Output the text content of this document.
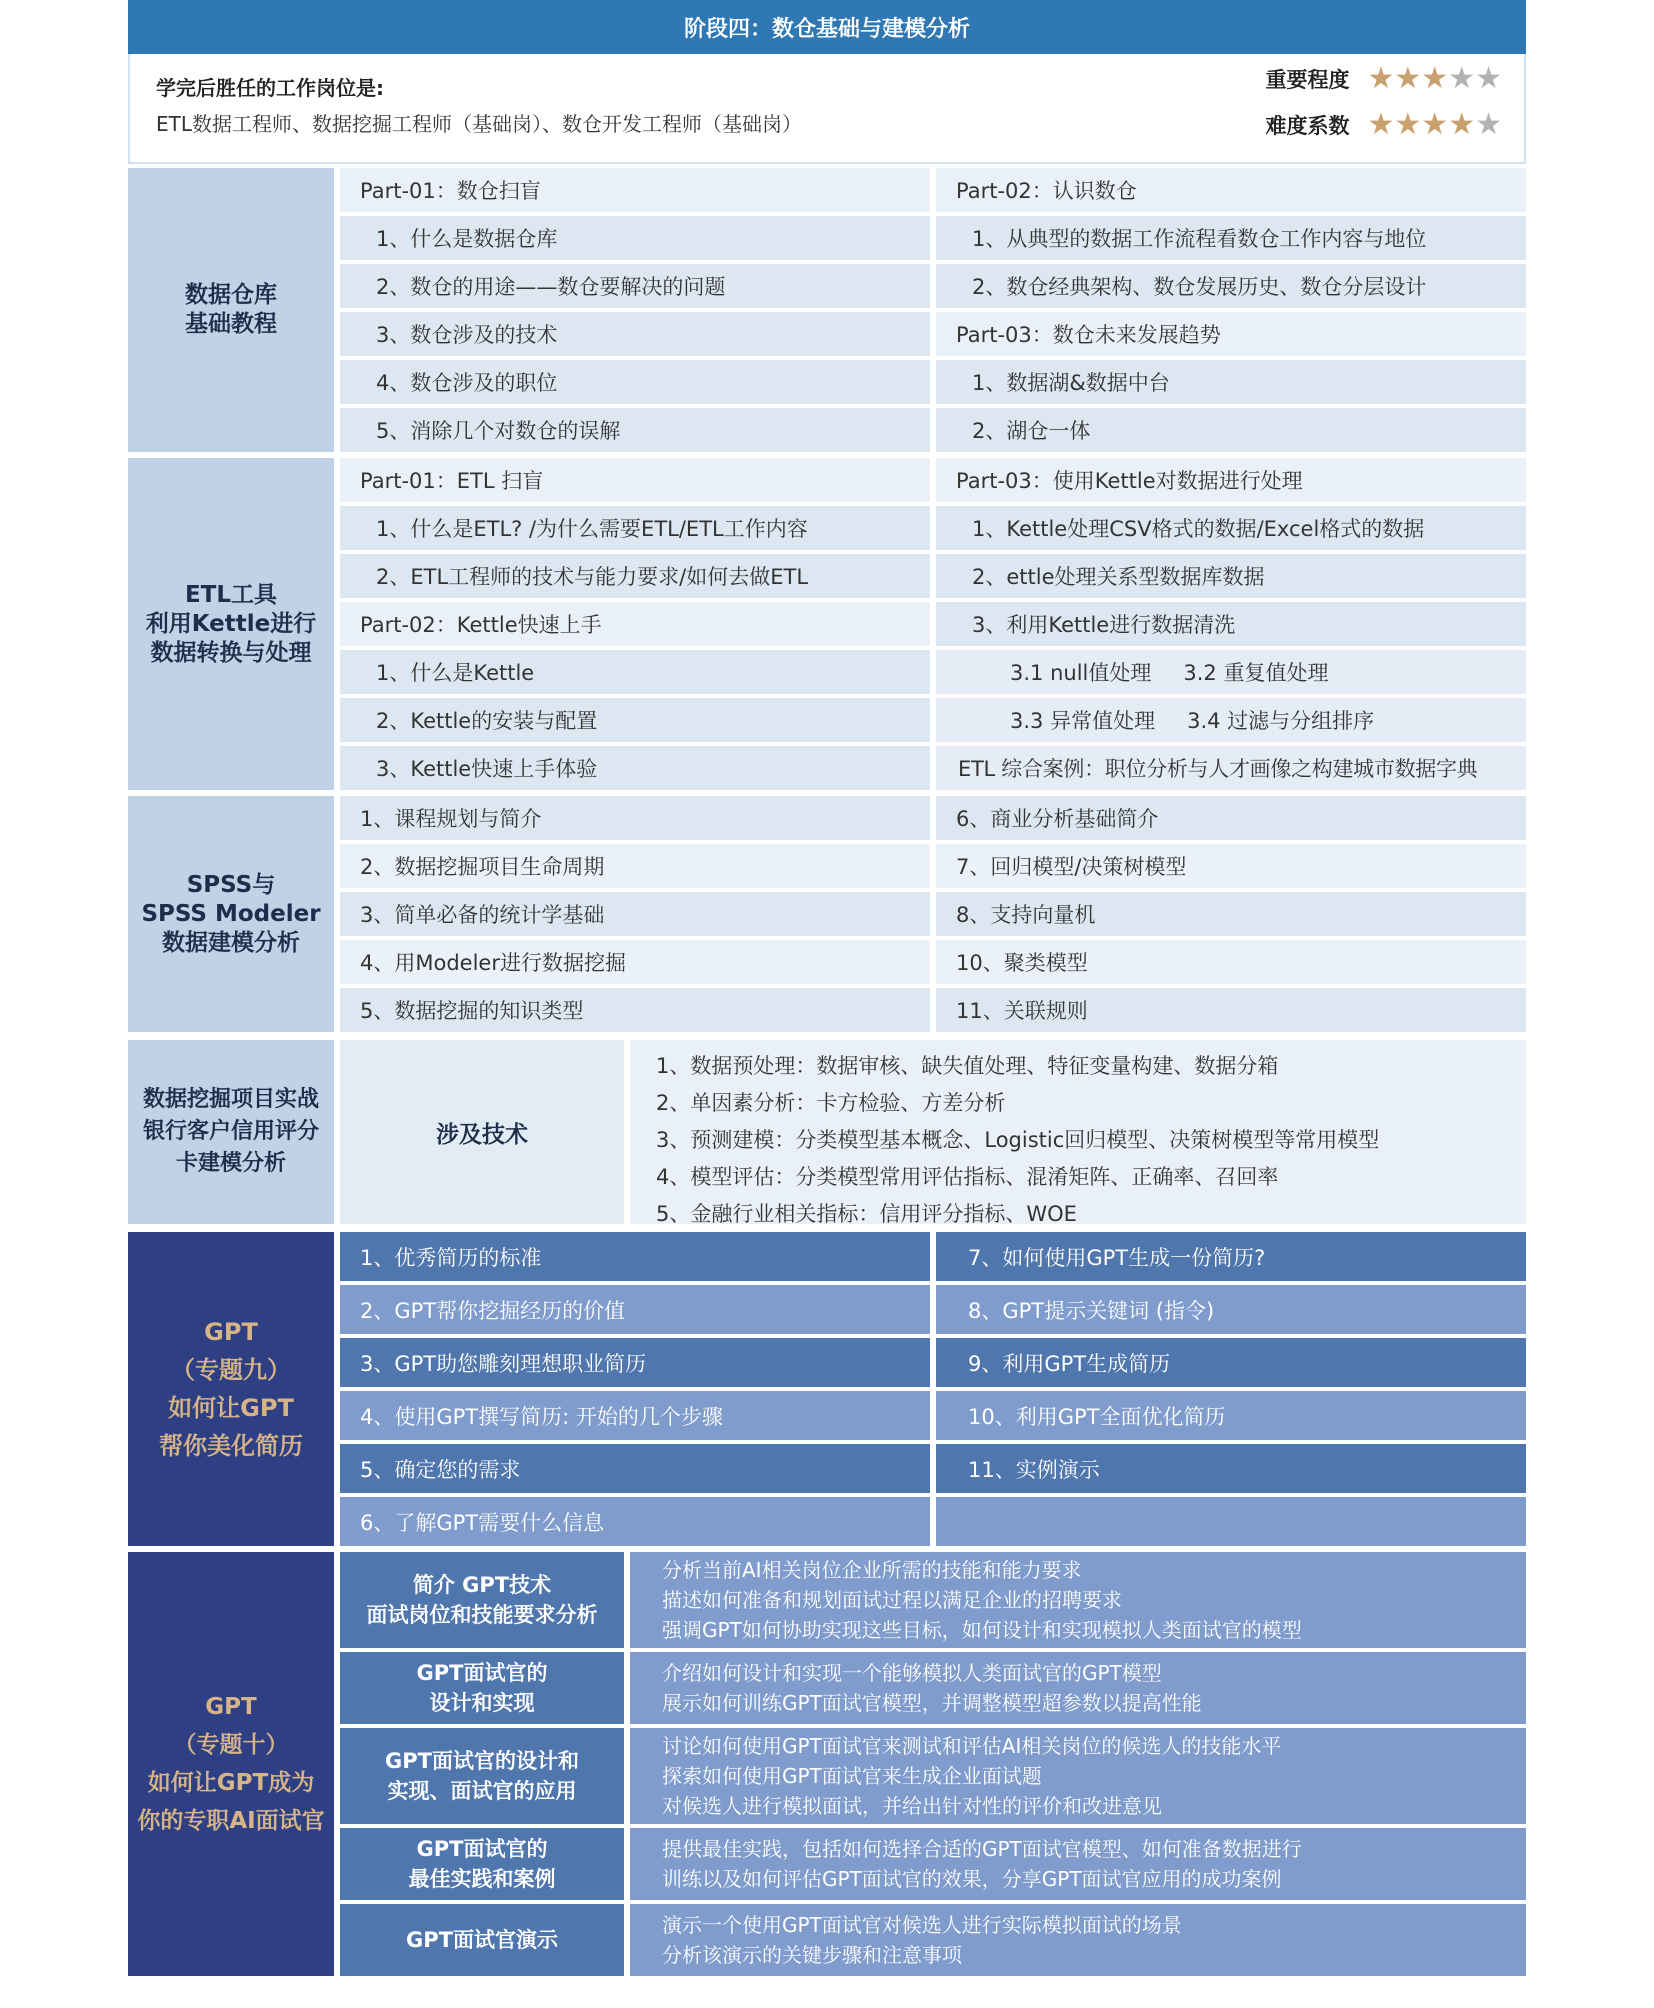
阶段四：数仓基础与建模分析
学完后胜任的工作岗位是:
ETL数据工程师、数据挖掘工程师（基础岗）、数仓开发工程师（基础岗）
重要程度 ★★★★★
难度系数 ★★★★★
数据仓库
基础教程
Part-01：数仓扫盲
1、什么是数据仓库
2、数仓的用途——数仓要解决的问题
3、数仓涉及的技术
4、数仓涉及的职位
5、消除几个对数仓的误解
Part-02：认识数仓
1、从典型的数据工作流程看数仓工作内容与地位
2、数仓经典架构、数仓发展历史、数仓分层设计
Part-03：数仓未来发展趋势
1、数据湖&数据中台
2、湖仓一体
ETL工具
利用Kettle进行
数据转换与处理
Part-01：ETL 扫盲
1、什么是ETL? /为什么需要ETL/ETL工作内容
2、ETL工程师的技术与能力要求/如何去做ETL
Part-02：Kettle快速上手
1、什么是Kettle
2、Kettle的安装与配置
3、Kettle快速上手体验
Part-03：使用Kettle对数据进行处理
1、Kettle处理CSV格式的数据/Excel格式的数据
2、ettle处理关系型数据库数据
3、利用Kettle进行数据清洗
3.1 null值处理 3.2 重复值处理
3.3 异常值处理 3.4 过滤与分组排序
ETL 综合案例：职位分析与人才画像之构建城市数据字典
SPSS与
SPSS Modeler
数据建模分析
1、课程规划与简介
2、数据挖掘项目生命周期
3、简单必备的统计学基础
4、用Modeler进行数据挖掘
5、数据挖掘的知识类型
6、商业分析基础简介
7、回归模型/决策树模型
8、支持向量机
10、聚类模型
11、关联规则
数据挖掘项目实战
银行客户信用评分
卡建模分析
涉及技术
1、数据预处理：数据审核、缺失值处理、特征变量构建、数据分箱
2、单因素分析：卡方检验、方差分析
3、预测建模：分类模型基本概念、Logistic回归模型、决策树模型等常用模型
4、模型评估：分类模型常用评估指标、混淆矩阵、正确率、召回率
5、金融行业相关指标：信用评分指标、WOE
GPT
（专题九）
如何让GPT
帮你美化简历
1、优秀简历的标准
2、GPT帮你挖掘经历的价值
3、GPT助您雕刻理想职业简历
4、使用GPT撰写简历: 开始的几个步骤
5、确定您的需求
6、了解GPT需要什么信息
7、如何使用GPT生成一份简历?
8、GPT提示关键词 (指令)
9、利用GPT生成简历
10、利用GPT全面优化简历
11、实例演示
GPT
（专题十）
如何让GPT成为
你的专职AI面试官
简介 GPT技术
面试岗位和技能要求分析
分析当前AI相关岗位企业所需的技能和能力要求
描述如何准备和规划面试过程以满足企业的招聘要求
强调GPT如何协助实现这些目标，如何设计和实现模拟人类面试官的模型
GPT面试官的
设计和实现
介绍如何设计和实现一个能够模拟人类面试官的GPT模型
展示如何训练GPT面试官模型，并调整模型超参数以提高性能
GPT面试官的设计和
实现、面试官的应用
讨论如何使用GPT面试官来测试和评估AI相关岗位的候选人的技能水平
探索如何使用GPT面试官来生成企业面试题
对候选人进行模拟面试，并给出针对性的评价和改进意见
GPT面试官的
最佳实践和案例
提供最佳实践，包括如何选择合适的GPT面试官模型、如何准备数据进行
训练以及如何评估GPT面试官的效果，分享GPT面试官应用的成功案例
GPT面试官演示
演示一个使用GPT面试官对候选人进行实际模拟面试的场景
分析该演示的关键步骤和注意事项
